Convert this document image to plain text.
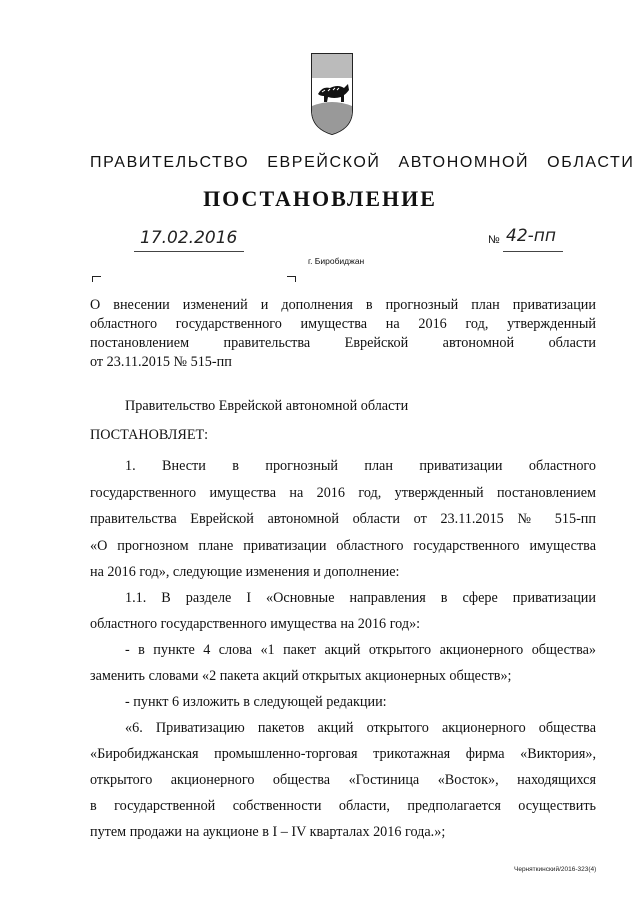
ПРАВИТЕЛЬСТВО ЕВРЕЙСКОЙ АВТОНОМНОЙ ОБЛАСТИ
ПОСТАНОВЛЕНИЕ
17.02.2016	№ 42-пп
г. Биробиджан
О внесении изменений и дополнения в прогнозный план приватизации
областного государственного имущества на 2016 год, утвержденный
постановлением правительства Еврейской автономной области
от 23.11.2015 № 515-пп
Правительство Еврейской автономной области
ПОСТАНОВЛЯЕТ:
1. Внести в прогнозный план приватизации областного
государственного имущества на 2016 год, утвержденный постановлением
правительства Еврейской автономной области от 23.11.2015 № 515-пп
«О прогнозном плане приватизации областного государственного имущества
на 2016 год», следующие изменения и дополнение:
1.1. В разделе I «Основные направления в сфере приватизации
областного государственного имущества на 2016 год»:
- в пункте 4 слова «1 пакет акций открытого акционерного общества»
заменить словами «2 пакета акций открытых акционерных обществ»;
- пункт 6 изложить в следующей редакции:
«6. Приватизацию пакетов акций открытого акционерного общества
«Биробиджанская промышленно-торговая трикотажная фирма «Виктория»,
открытого акционерного общества «Гостиница «Восток», находящихся
в государственной собственности области, предполагается осуществить
путем продажи на аукционе в I – IV кварталах 2016 года.»;
Черняткинский/2016-323(4)
